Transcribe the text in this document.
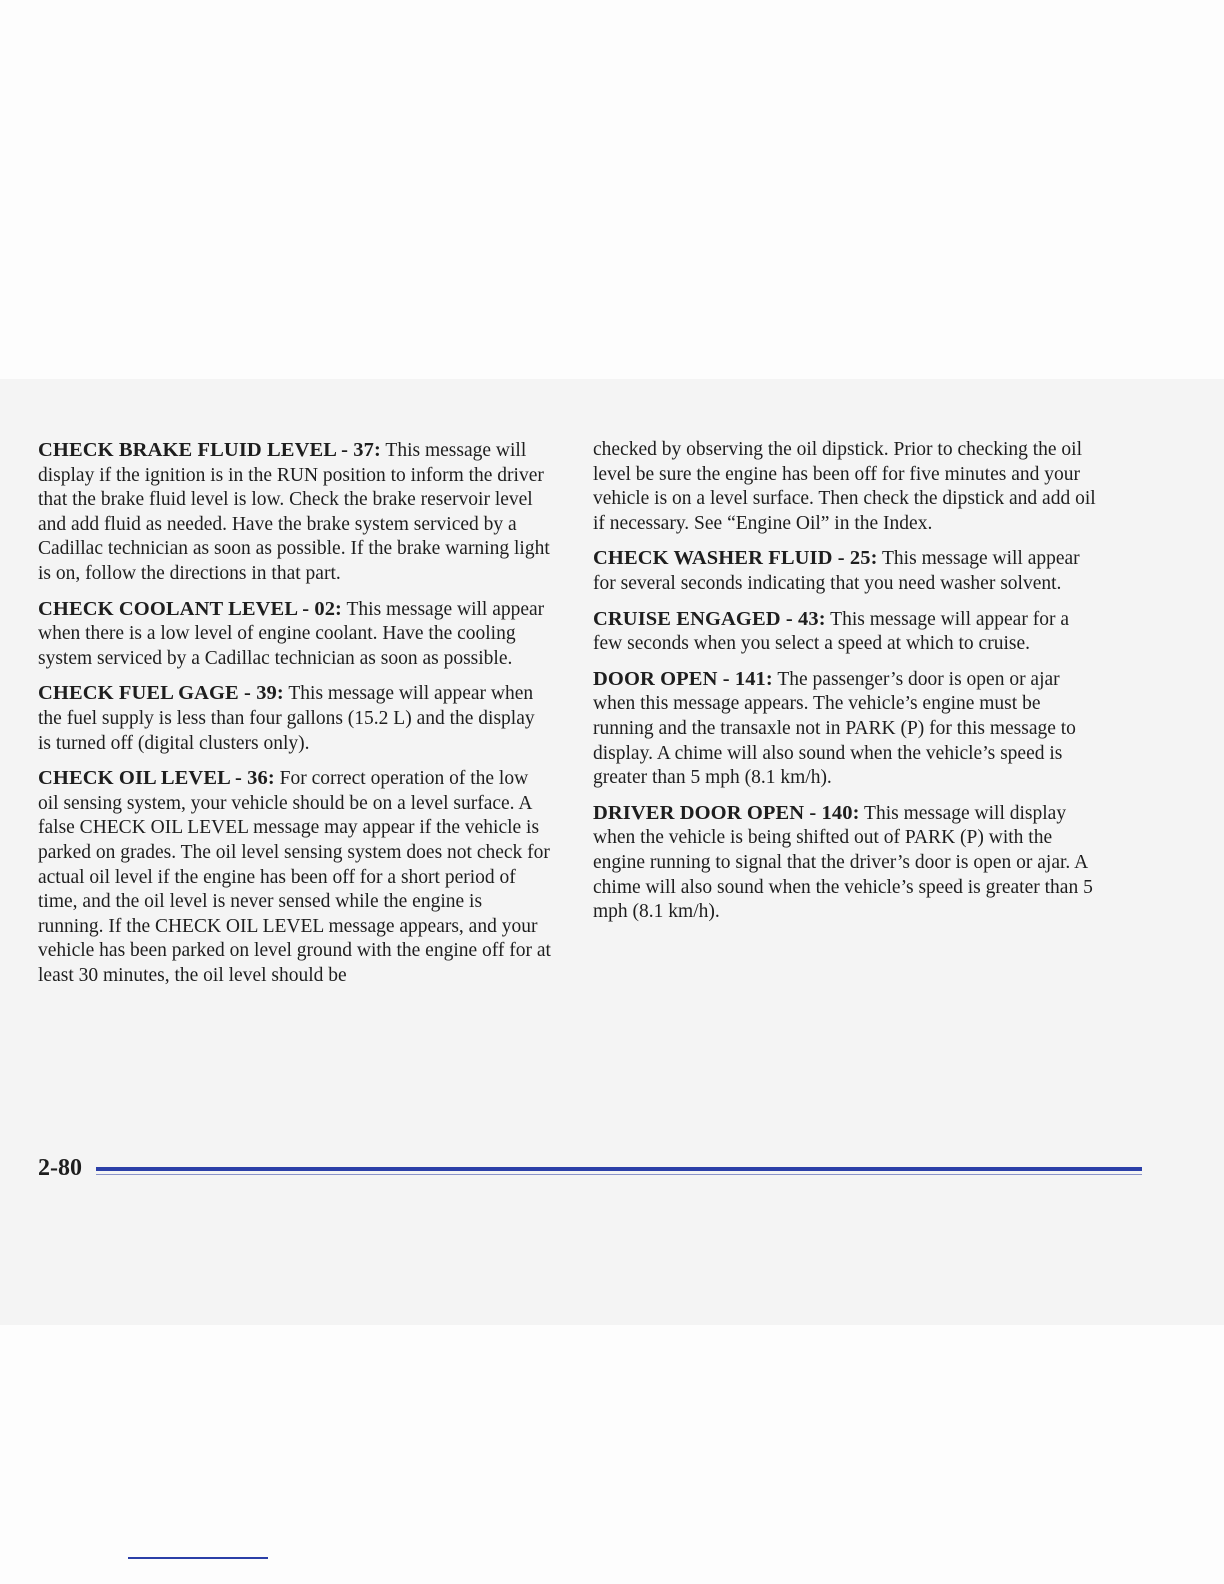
CHECK BRAKE FLUID LEVEL - 37: This message will display if the ignition is in the RUN position to inform the driver that the brake fluid level is low. Check the brake reservoir level and add fluid as needed. Have the brake system serviced by a Cadillac technician as soon as possible. If the brake warning light is on, follow the directions in that part.

CHECK COOLANT LEVEL - 02: This message will appear when there is a low level of engine coolant. Have the cooling system serviced by a Cadillac technician as soon as possible.

CHECK FUEL GAGE - 39: This message will appear when the fuel supply is less than four gallons (15.2 L) and the display is turned off (digital clusters only).

CHECK OIL LEVEL - 36: For correct operation of the low oil sensing system, your vehicle should be on a level surface. A false CHECK OIL LEVEL message may appear if the vehicle is parked on grades. The oil level sensing system does not check for actual oil level if the engine has been off for a short period of time, and the oil level is never sensed while the engine is running. If the CHECK OIL LEVEL message appears, and your vehicle has been parked on level ground with the engine off for at least 30 minutes, the oil level should be

checked by observing the oil dipstick. Prior to checking the oil level be sure the engine has been off for five minutes and your vehicle is on a level surface. Then check the dipstick and add oil if necessary. See “Engine Oil” in the Index.

CHECK WASHER FLUID - 25: This message will appear for several seconds indicating that you need washer solvent.

CRUISE ENGAGED - 43: This message will appear for a few seconds when you select a speed at which to cruise.

DOOR OPEN - 141: The passenger’s door is open or ajar when this message appears. The vehicle’s engine must be running and the transaxle not in PARK (P) for this message to display. A chime will also sound when the vehicle’s speed is greater than 5 mph (8.1 km/h).

DRIVER DOOR OPEN - 140: This message will display when the vehicle is being shifted out of PARK (P) with the engine running to signal that the driver’s door is open or ajar. A chime will also sound when the vehicle’s speed is greater than 5 mph (8.1 km/h).

2-80
